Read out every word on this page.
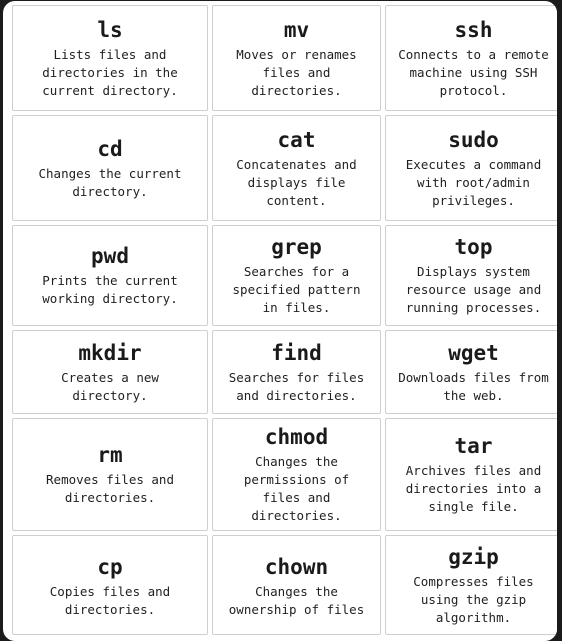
ls
Lists files and
directories in the
current directory.
mv
Moves or renames
files and
directories.
ssh
Connects to a remote
machine using SSH
protocol.
cd
Changes the current
directory.
cat
Concatenates and
displays file
content.
sudo
Executes a command
with root/admin
privileges.
pwd
Prints the current
working directory.
grep
Searches for a
specified pattern
in files.
top
Displays system
resource usage and
running processes.
mkdir
Creates a new
directory.
find
Searches for files
and directories.
wget
Downloads files from
the web.
rm
Removes files and
directories.
chmod
Changes the
permissions of
files and
directories.
tar
Archives files and
directories into a
single file.
cp
Copies files and
directories.
chown
Changes the
ownership of files
gzip
Compresses files
using the gzip
algorithm.
